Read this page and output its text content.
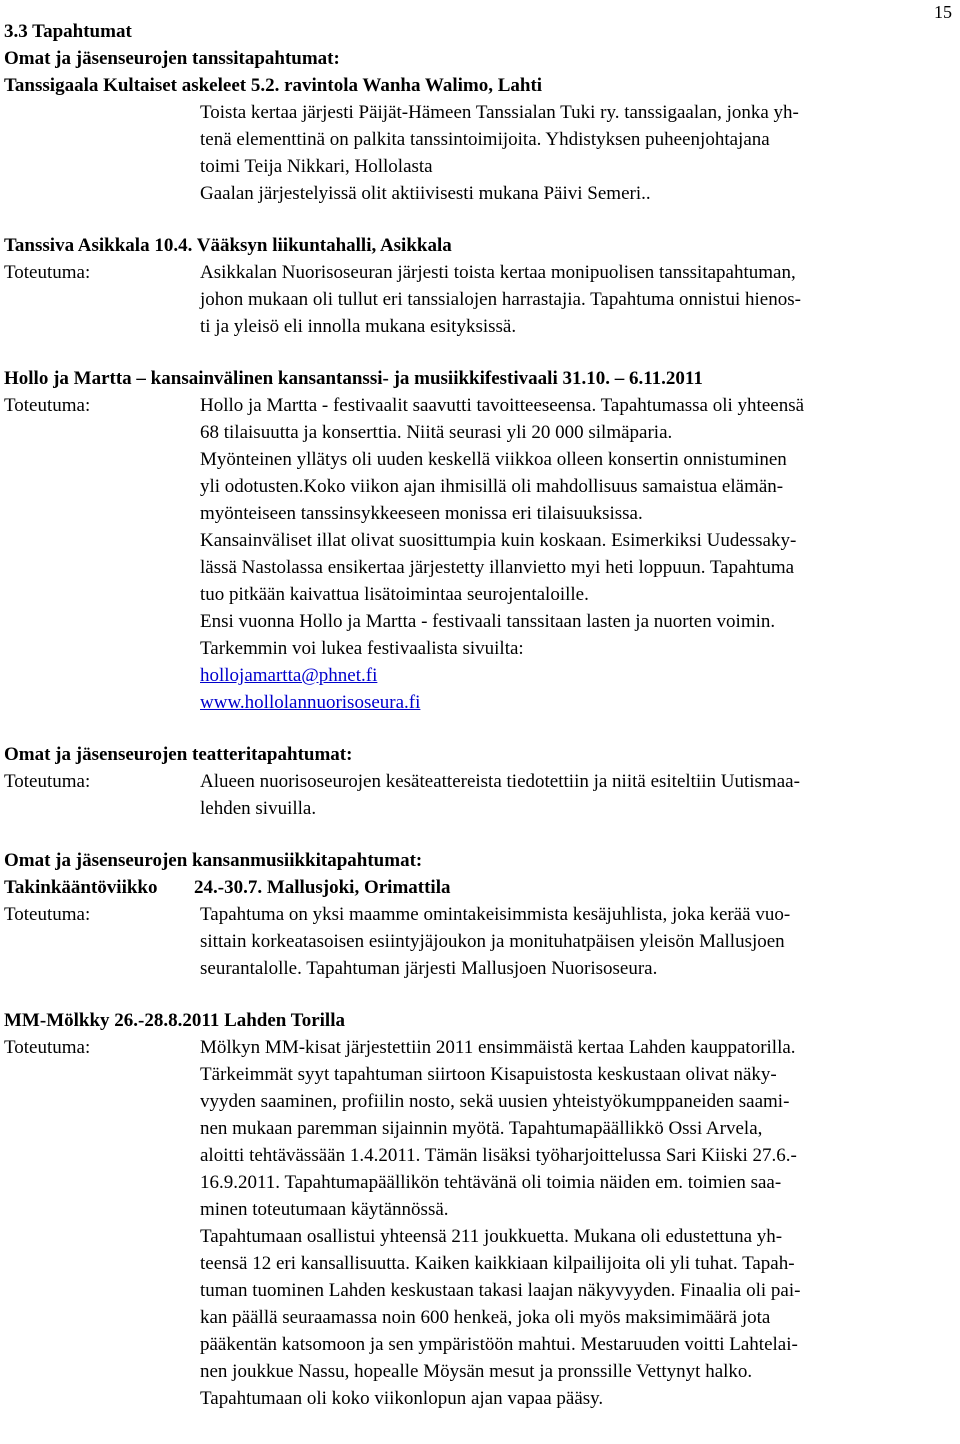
15
3.3 Tapahtumat
Omat ja jäsenseurojen tanssitapahtumat:
Tanssigaala Kultaiset askeleet 5.2. ravintola Wanha Walimo, Lahti
Toista kertaa järjesti Päijät-Hämeen Tanssialan Tuki ry. tanssigaalan, jonka yh-
tenä elementtinä on palkita tanssintoimijoita. Yhdistyksen puheenjohtajana
toimi Teija Nikkari, Hollolasta
Gaalan järjestelyissä olit aktiivisesti mukana Päivi Semeri..
Tanssiva Asikkala 10.4. Vääksyn liikuntahalli, Asikkala
Toteutuma:	Asikkalan Nuorisoseuran järjesti toista kertaa monipuolisen tanssitapahtuman,
johon mukaan oli tullut eri tanssialojen harrastajia. Tapahtuma onnistui hienos-
ti ja yleisö eli innolla mukana esityksissä.
Hollo ja Martta – kansainvälinen kansantanssi- ja musiikkifestivaali 31.10. – 6.11.2011
Toteutuma:	Hollo ja Martta - festivaalit saavutti tavoitteeseensa. Tapahtumassa oli yhteensä
68 tilaisuutta ja konserttia. Niitä seurasi yli 20 000 silmäparia.
Myönteinen yllätys oli uuden keskellä viikkoa olleen konsertin onnistuminen
yli odotusten.Koko viikon ajan ihmisillä oli mahdollisuus samaistua elämän-
myönteiseen tanssinsykkeeseen monissa eri tilaisuuksissa.
Kansainväliset illat olivat suosittumpia kuin koskaan. Esimerkiksi Uudessaky-
lässä Nastolassa ensikertaa järjestetty illanvietto myi heti loppuun. Tapahtuma
tuo pitkään kaivattua lisätoimintaa seurojentaloille.
Ensi vuonna Hollo ja Martta - festivaali tanssitaan lasten ja nuorten voimin.
Tarkemmin voi lukea festivaalista sivuilta:
hollojamartta@phnet.fi
www.hollolannuorisoseura.fi
Omat ja jäsenseurojen teatteritapahtumat:
Toteutuma:	Alueen nuorisoseurojen kesäteattereista tiedotettiin ja niitä esiteltiin Uutismaa-
lehden sivuilla.
Omat ja jäsenseurojen kansanmusiikkitapahtumat:
Takinkääntöviikko	24.-30.7. Mallusjoki, Orimattila
Toteutuma:	Tapahtuma on yksi maamme omintakeisimmista kesäjuhlista, joka kerää vuo-
sittain korkeatasoisen esiintyjäjoukon ja monituhatpäisen yleisön Mallusjoen
seurantalolle. Tapahtuman järjesti Mallusjoen Nuorisoseura.
MM-Mölkky 26.-28.8.2011 Lahden Torilla
Toteutuma:	Mölkyn MM-kisat järjestettiin 2011 ensimmäistä kertaa Lahden kauppatorilla.
Tärkeimmät syyt tapahtuman siirtoon Kisapuistosta keskustaan olivat näky-
vyyden saaminen, profiilin nosto, sekä uusien yhteistyökumppaneiden saami-
nen mukaan paremman sijainnin myötä. Tapahtumapäällikkö Ossi Arvela,
aloitti tehtävässään 1.4.2011. Tämän lisäksi työharjoittelussa Sari Kiiski 27.6.-
16.9.2011. Tapahtumapäällikön tehtävänä oli toimia näiden em. toimien saa-
minen toteutumaan käytännössä.
Tapahtumaan osallistui yhteensä 211 joukkuetta. Mukana oli edustettuna yh-
teensä 12 eri kansallisuutta. Kaiken kaikkiaan kilpailijoita oli yli tuhat. Tapah-
tuman tuominen Lahden keskustaan takasi laajan näkyvyyden. Finaalia oli pai-
kan päällä seuraamassa noin 600 henkeä, joka oli myös maksimimäärä jota
pääkentän katsomoon ja sen ympäristöön mahtui. Mestaruuden voitti Lahtelai-
nen joukkue Nassu, hopealle Möysän mesut ja pronssille Vettynyt halko.
Tapahtumaan oli koko viikonlopun ajan vapaa pääsy.
